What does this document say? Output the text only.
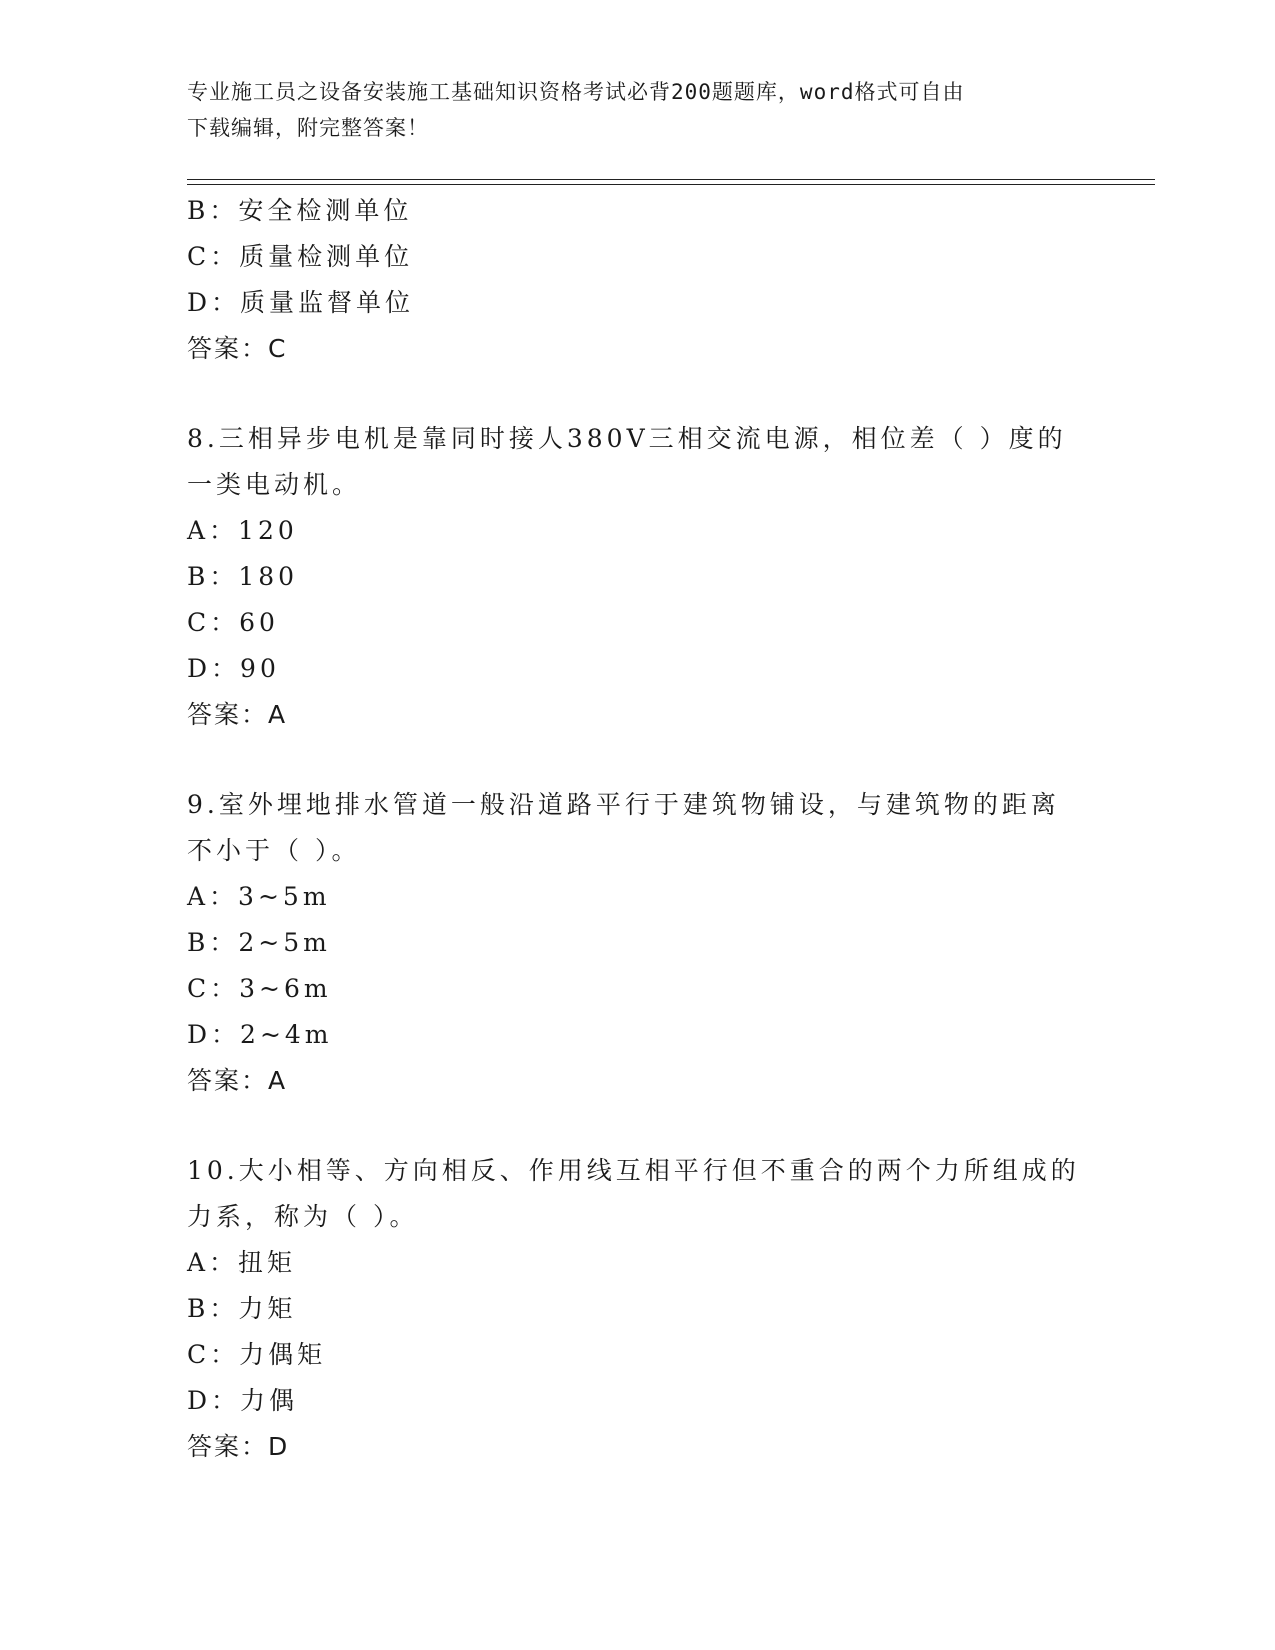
专业施工员之设备安装施工基础知识资格考试必背200题题库，word格式可自由
下载编辑，附完整答案！
B：安全检测单位
C：质量检测单位
D：质量监督单位
答案：C
8.三相异步电机是靠同时接人380V三相交流电源，相位差（ ）度的
一类电动机。
A：120
B：180
C：60
D：90
答案：A
9.室外埋地排水管道一般沿道路平行于建筑物铺设，与建筑物的距离
不小于（ ）。
A：3~5m
B：2~5m
C：3~6m
D：2~4m
答案：A
10.大小相等、方向相反、作用线互相平行但不重合的两个力所组成的
力系，称为（ ）。
A：扭矩
B：力矩
C：力偶矩
D：力偶
答案：D
